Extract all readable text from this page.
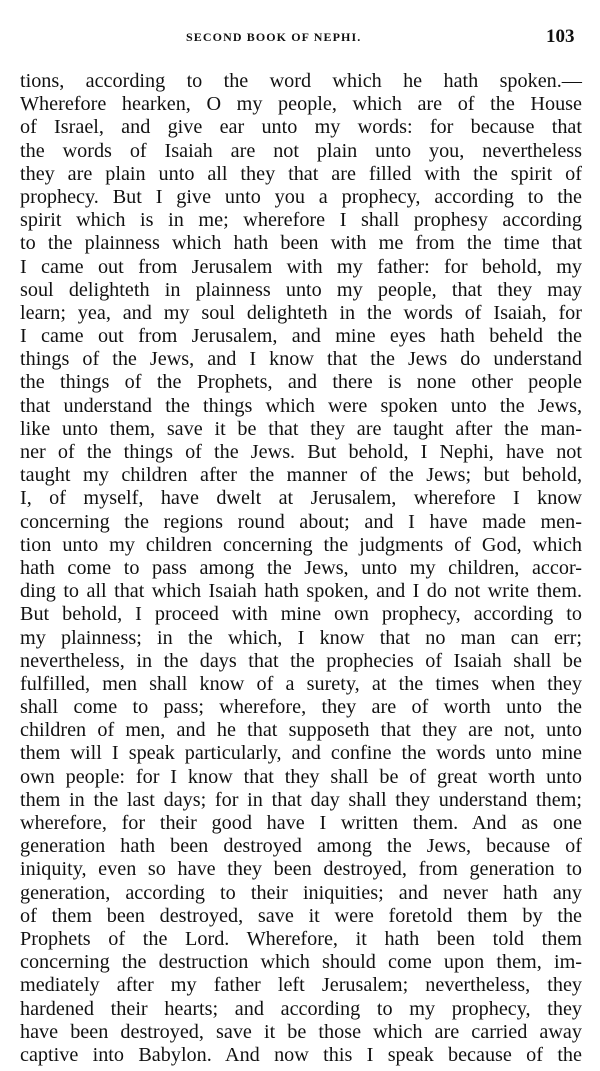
SECOND BOOK OF NEPHI.	103
tions, according to the word which he hath spoken.—
Wherefore hearken, O my people, which are of the House
of Israel, and give ear unto my words: for because that
the words of Isaiah are not plain unto you, nevertheless
they are plain unto all they that are filled with the spirit of
prophecy. But I give unto you a prophecy, according to the
spirit which is in me; wherefore I shall prophesy according
to the plainness which hath been with me from the time that
I came out from Jerusalem with my father: for behold, my
soul delighteth in plainness unto my people, that they may
learn; yea, and my soul delighteth in the words of Isaiah, for
I came out from Jerusalem, and mine eyes hath beheld the
things of the Jews, and I know that the Jews do understand
the things of the Prophets, and there is none other people
that understand the things which were spoken unto the Jews,
like unto them, save it be that they are taught after the man-
ner of the things of the Jews. But behold, I Nephi, have not
taught my children after the manner of the Jews; but behold,
I, of myself, have dwelt at Jerusalem, wherefore I know
concerning the regions round about; and I have made men-
tion unto my children concerning the judgments of God, which
hath come to pass among the Jews, unto my children, accor-
ding to all that which Isaiah hath spoken, and I do not write them.
But behold, I proceed with mine own prophecy, according to
my plainness; in the which, I know that no man can err;
nevertheless, in the days that the prophecies of Isaiah shall be
fulfilled, men shall know of a surety, at the times when they
shall come to pass; wherefore, they are of worth unto the
children of men, and he that supposeth that they are not, unto
them will I speak particularly, and confine the words unto mine
own people: for I know that they shall be of great worth unto
them in the last days; for in that day shall they understand them;
wherefore, for their good have I written them. And as one
generation hath been destroyed among the Jews, because of
iniquity, even so have they been destroyed, from generation to
generation, according to their iniquities; and never hath any
of them been destroyed, save it were foretold them by the
Prophets of the Lord. Wherefore, it hath been told them
concerning the destruction which should come upon them, im-
mediately after my father left Jerusalem; nevertheless, they
hardened their hearts; and according to my prophecy, they
have been destroyed, save it be those which are carried away
captive into Babylon. And now this I speak because of the
